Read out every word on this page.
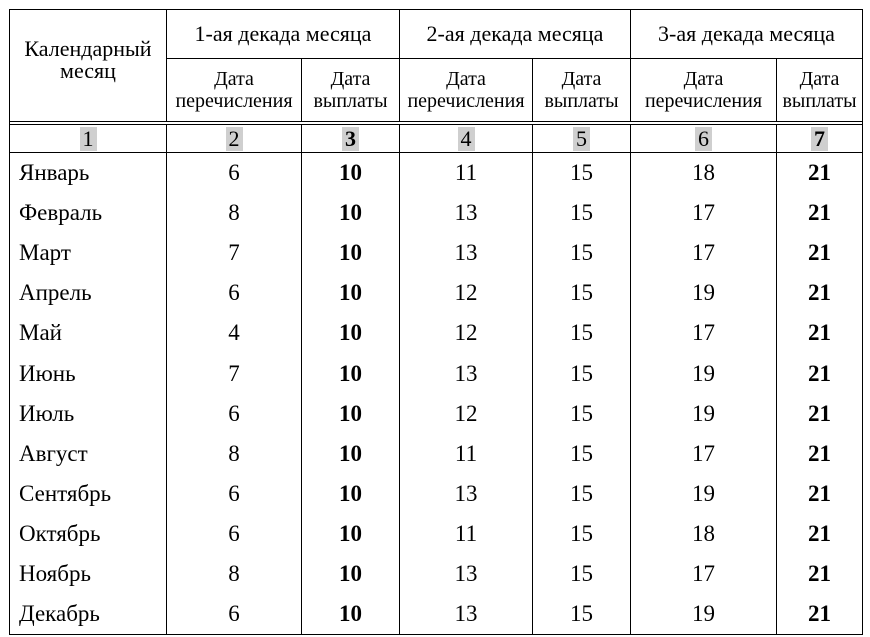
Календарный месяц	1-ая декада месяца		2-ая декада месяца		3-ая декада месяца	
	Дата перечисления	Дата выплаты	Дата перечисления	Дата выплаты	Дата перечисления	Дата выплаты

1	2	3	4	5	6	7
Январь	6	10	11	15	18	21
Февраль	8	10	13	15	17	21
Март	7	10	13	15	17	21
Апрель	6	10	12	15	19	21
Май	4	10	12	15	17	21
Июнь	7	10	13	15	19	21
Июль	6	10	12	15	19	21
Август	8	10	11	15	17	21
Сентябрь	6	10	13	15	19	21
Октябрь	6	10	11	15	18	21
Ноябрь	8	10	13	15	17	21
Декабрь	6	10	13	15	19	21
